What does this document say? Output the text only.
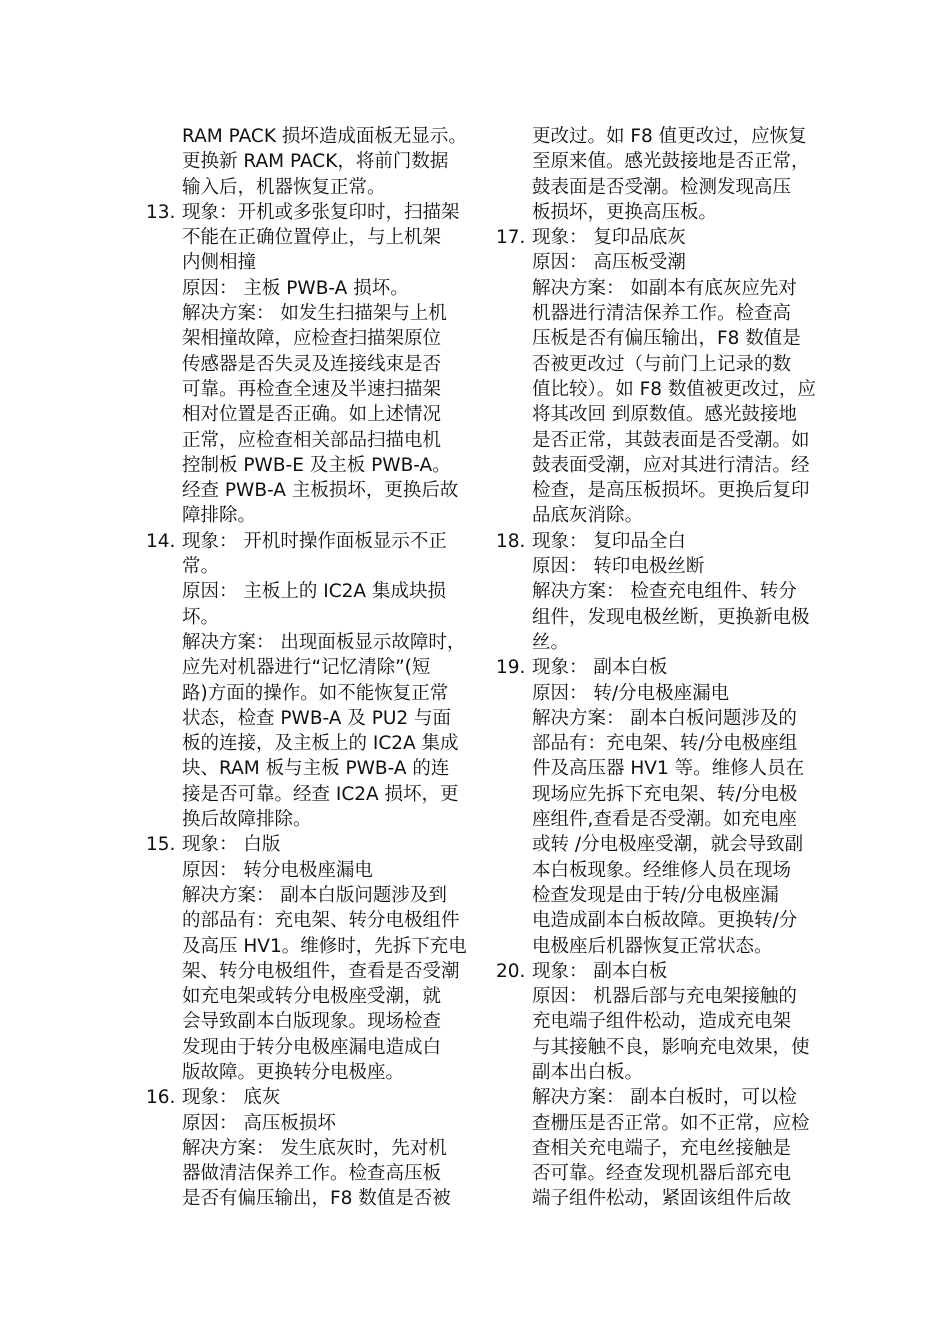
RAM PACK 损坏造成面板无显示。
更换新 RAM PACK，将前门数据
输入后，机器恢复正常。
13. 现象：开机或多张复印时，扫描架
不能在正确位置停止，与上机架
内侧相撞
原因： 主板 PWB-A 损坏。
解决方案： 如发生扫描架与上机
架相撞故障，应检查扫描架原位
传感器是否失灵及连接线束是否
可靠。再检查全速及半速扫描架
相对位置是否正确。如上述情况
正常，应检查相关部品扫描电机
控制板 PWB-E 及主板 PWB-A。
经查 PWB-A 主板损坏，更换后故
障排除。
14. 现象： 开机时操作面板显示不正
常。
原因： 主板上的 IC2A 集成块损
坏。
解决方案： 出现面板显示故障时，
应先对机器进行“记忆清除”(短
路)方面的操作。如不能恢复正常
状态，检查 PWB-A 及 PU2 与面
板的连接，及主板上的 IC2A 集成
块、RAM 板与主板 PWB-A 的连
接是否可靠。经查 IC2A 损坏，更
换后故障排除。
15. 现象： 白版
原因： 转分电极座漏电
解决方案： 副本白版问题涉及到
的部品有：充电架、转分电极组件
及高压 HV1。维修时，先拆下充电
架、转分电极组件，查看是否受潮
如充电架或转分电极座受潮，就
会导致副本白版现象。现场检查
发现由于转分电极座漏电造成白
版故障。更换转分电极座。
16. 现象： 底灰
原因： 高压板损坏
解决方案： 发生底灰时，先对机
器做清洁保养工作。检查高压板
是否有偏压输出，F8 数值是否被
更改过。如 F8 值更改过，应恢复
至原来值。感光鼓接地是否正常，
鼓表面是否受潮。检测发现高压
板损坏，更换高压板。
17. 现象： 复印品底灰
原因： 高压板受潮
解决方案： 如副本有底灰应先对
机器进行清洁保养工作。检查高
压板是否有偏压输出，F8 数值是
否被更改过（与前门上记录的数
值比较）。如 F8 数值被更改过，应
将其改回 到原数值。感光鼓接地
是否正常，其鼓表面是否受潮。如
鼓表面受潮，应对其进行清洁。经
检查，是高压板损坏。更换后复印
品底灰消除。
18. 现象： 复印品全白
原因： 转印电极丝断
解决方案： 检查充电组件、转分
组件，发现电极丝断，更换新电极
丝。
19. 现象： 副本白板
原因： 转/分电极座漏电
解决方案： 副本白板问题涉及的
部品有：充电架、转/分电极座组
件及高压器 HV1 等。维修人员在
现场应先拆下充电架、转/分电极
座组件,查看是否受潮。如充电座
或转 /分电极座受潮，就会导致副
本白板现象。经维修人员在现场
检查发现是由于转/分电极座漏
电造成副本白板故障。更换转/分
电极座后机器恢复正常状态。
20. 现象： 副本白板
原因： 机器后部与充电架接触的
充电端子组件松动，造成充电架
与其接触不良，影响充电效果，使
副本出白板。
解决方案： 副本白板时，可以检
查栅压是否正常。如不正常，应检
查相关充电端子，充电丝接触是
否可靠。经查发现机器后部充电
端子组件松动，紧固该组件后故
